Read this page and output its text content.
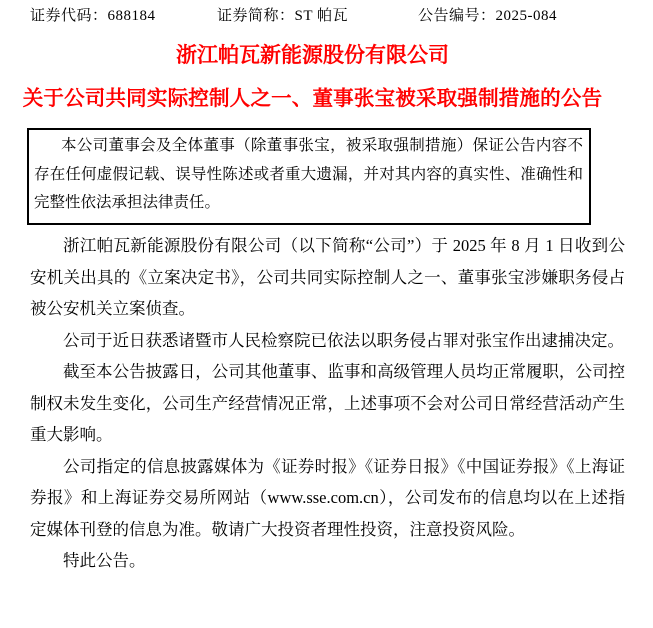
证券代码：688184	证券简称：ST 帕瓦	公告编号：2025-084
浙江帕瓦新能源股份有限公司
关于公司共同实际控制人之一、董事张宝被采取强制措施的公告

本公司董事会及全体董事（除董事张宝，被采取强制措施）保证公告内容不存在任何虚假记载、误导性陈述或者重大遗漏，并对其内容的真实性、准确性和完整性依法承担法律责任。

浙江帕瓦新能源股份有限公司（以下简称“公司”）于 2025 年 8 月 1 日收到公安机关出具的《立案决定书》，公司共同实际控制人之一、董事张宝涉嫌职务侵占被公安机关立案侦查。

公司于近日获悉诸暨市人民检察院已依法以职务侵占罪对张宝作出逮捕决定。

截至本公告披露日，公司其他董事、监事和高级管理人员均正常履职，公司控制权未发生变化，公司生产经营情况正常，上述事项不会对公司日常经营活动产生重大影响。

公司指定的信息披露媒体为《证券时报》《证券日报》《中国证券报》《上海证券报》和上海证券交易所网站（www.sse.com.cn），公司发布的信息均以在上述指定媒体刊登的信息为准。敬请广大投资者理性投资，注意投资风险。

特此公告。
